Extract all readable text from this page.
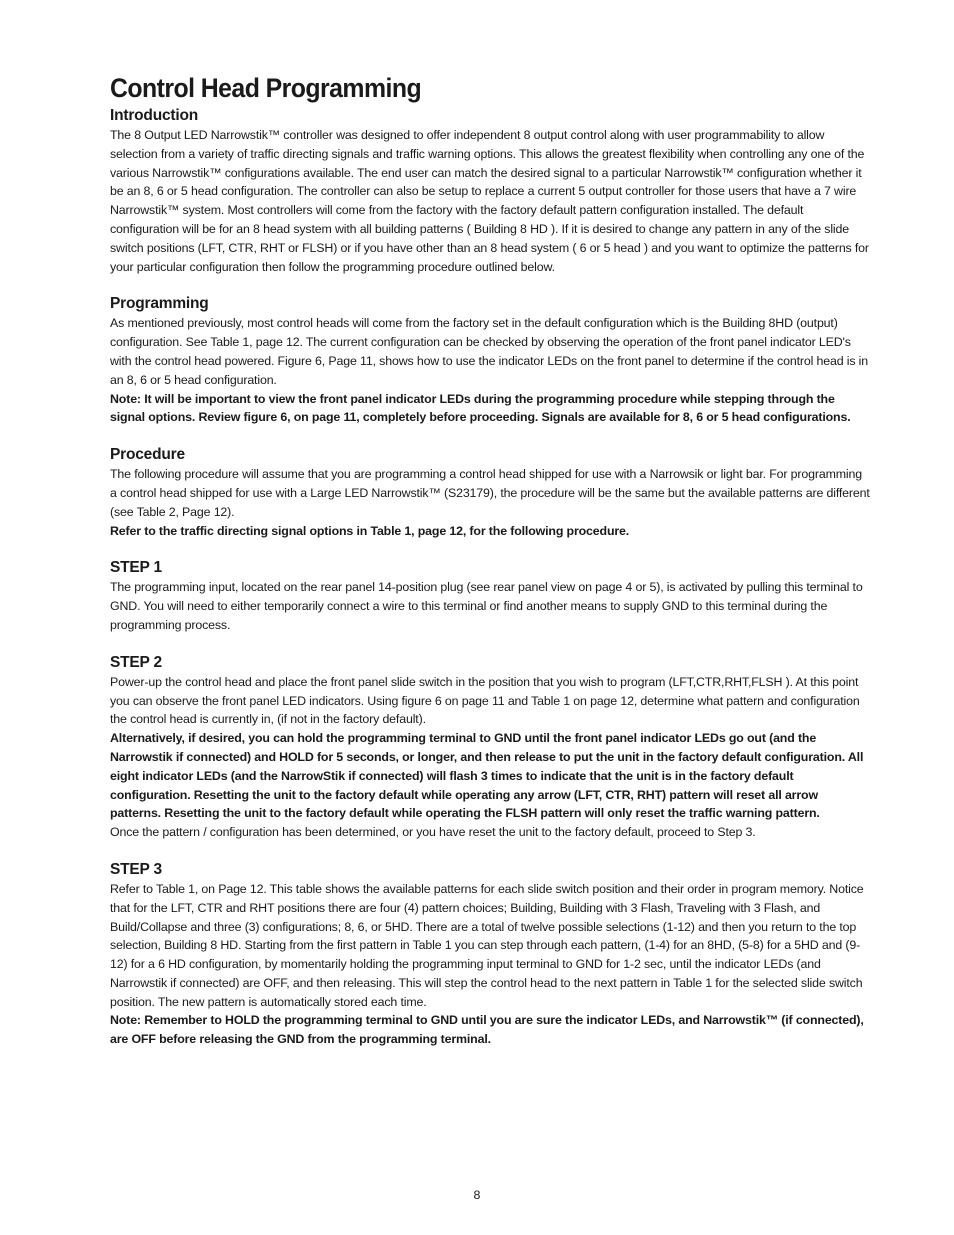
Control Head Programming
Introduction

The 8 Output LED Narrowstik™ controller was designed to offer independent 8 output control along with user programmability to allow selection from a variety of traffic directing signals and traffic warning options. This allows the greatest flexibility when controlling any one of the various Narrowstik™ configurations available. The end user can match the desired signal to a particular Narrowstik™ configuration whether it be an 8, 6 or 5 head configuration. The controller can also be setup to replace a current 5 output controller for those users that have a 7 wire Narrowstik™ system. Most controllers will come from the factory with the factory default pattern configuration installed. The default configuration will be for an 8 head system with all building patterns ( Building 8 HD ). If it is desired to change any pattern in any of the slide switch positions (LFT, CTR, RHT or FLSH) or if you have other than an 8 head system ( 6 or 5 head ) and you want to optimize the patterns for your particular configuration then follow the programming procedure outlined below.

Programming

As mentioned previously, most control heads will come from the factory set in the default configuration which is the Building 8HD (output) configuration. See Table 1, page 12. The current configuration can be checked by observing the operation of the front panel indicator LED's with the control head powered. Figure 6, Page 11, shows how to use the indicator LEDs on the front panel to determine if the control head is in an 8, 6 or 5 head configuration.

Note: It will be important to view the front panel indicator LEDs during the programming procedure while stepping through the signal options. Review figure 6, on page 11, completely before proceeding. Signals are available for 8, 6 or 5 head configurations.

Procedure

The following procedure will assume that you are programming a control head shipped for use with a Narrowsik or light bar. For programming a control head shipped for use with a Large LED Narrowstik™ (S23179), the procedure will be the same but the available patterns are different (see Table 2, Page 12).

Refer to the traffic directing signal options in Table 1, page 12, for the following procedure.

STEP 1

The programming input, located on the rear panel 14-position plug (see rear panel view on page 4 or 5), is activated by pulling this terminal to GND. You will need to either temporarily connect a wire to this terminal or find another means to supply GND to this terminal during the programming process.

STEP 2

Power-up the control head and place the front panel slide switch in the position that you wish to program (LFT,CTR,RHT,FLSH ). At this point you can observe the front panel LED indicators. Using figure 6 on page 11 and Table 1 on page 12, determine what pattern and configuration the control head is currently in, (if not in the factory default).

Alternatively, if desired, you can hold the programming terminal to GND until the front panel indicator LEDs go out (and the Narrowstik if connected) and HOLD for 5 seconds, or longer, and then release to put the unit in the factory default configuration. All eight indicator LEDs (and the NarrowStik if connected) will flash 3 times to indicate that the unit is in the factory default configuration. Resetting the unit to the factory default while operating any arrow (LFT, CTR, RHT) pattern will reset all arrow patterns. Resetting the unit to the factory default while operating the FLSH pattern will only reset the traffic warning pattern.

Once the pattern / configuration has been determined, or you have reset the unit to the factory default, proceed to Step 3.

STEP 3

Refer to Table 1, on Page 12. This table shows the available patterns for each slide switch position and their order in program memory. Notice that for the LFT, CTR and RHT positions there are four (4) pattern choices; Building, Building with 3 Flash, Traveling with 3 Flash, and Build/Collapse and three (3) configurations; 8, 6, or 5HD. There are a total of twelve possible selections (1-12) and then you return to the top selection, Building 8 HD. Starting from the first pattern in Table 1 you can step through each pattern, (1-4) for an 8HD, (5-8) for a 5HD and (9-12) for a 6 HD configuration, by momentarily holding the programming input terminal to GND for 1-2 sec, until the indicator LEDs (and Narrowstik if connected) are OFF, and then releasing. This will step the control head to the next pattern in Table 1 for the selected slide switch position. The new pattern is automatically stored each time.

Note: Remember to HOLD the programming terminal to GND until you are sure the indicator LEDs, and Narrowstik™ (if connected), are OFF before releasing the GND from the programming terminal.

8
